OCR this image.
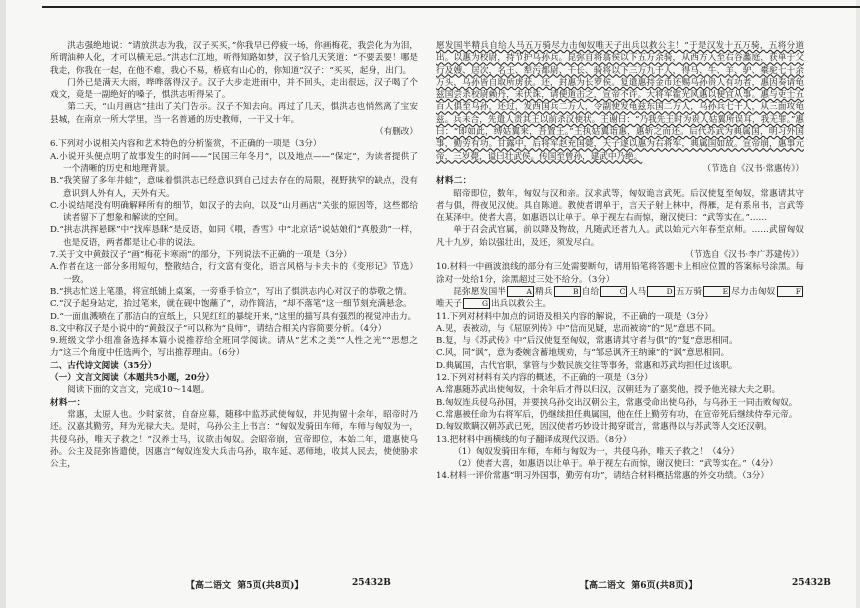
洪志强绝地说：“请放洪志为我，汉子买买，”你我早已停疲一场，你画梅花，我尝化为为泪，所谓油种人化，才可以横无忌。”洪志仁江地，听得知路如梦，汉子恰几天笑道：“不要丢要！哪是我走，你我在一起，在他不难，我心不易，桥底有山心的，你知道”汉子：“买买，起身，出门。

门外已是满天大雨，哗哗落得汉子。汉子大步走进雨中，并不回头，走出很远，汉子喝了个戏文，竟是一副绝好的嗓子，惧洪志听得呆了。

第二天，“山月画店”挂出了关门告示。汉子不知去向。再过了几天，惧洪志也悄然离了宝安县城，在南京一所大学里，当一名普通的历史教师，一干又十年。

（有删改）

6.下列对小说相关内容和艺术特色的分析鉴赏，不正确的一项是（3分）

A.小说开头便点明了故事发生的时间——“民国三年冬月”，以及地点——“保定”，为读者提供了一个清晰的历史和地理背景。

B.“我笑留了多年井蛙”，意味着惧洪志已经意识到自己过去存在的局限，视野狭窄的缺点，没有意识到人外有人，天外有天。

C.小说结尾没有明确解释所有的细节，如汉子的去向，以及“山月画店”关张的原因等，这些都给读者留下了想象和解读的空间。

D.“拱志洪挥悬眯”中“找库恳眯”是反语，如同《喂，香雪》中“北京话”说姑娘们“真般劲”一样，也是反语，两者都是让心非的说法。

7.关于文中黄鼓汉子“画“梅花卡寒雨”的部分，下列说法不正确的一项是（3分）

A.作者在这一部分多用短句，整散结合，行文富有变化，语言风格与卡夫卡的《变形记》节选）一致。

B.“拱志忙送上笔墨，将宣纸铺上桌案，一旁垂手恰立”，写出了惧洪志内心对汉子的恭敬之情。

C.“汉子起身站定，抬过笔来，就在砚中饱蘸了”，动作简洁，“却不落笔”这一细节刻充满悬念。

D.“一面血溅喷在了那洁白的宣纸上，只见红红的暴绽开来，”这里的描写具有强烈的视觉冲击力。

8.文中称汉子是小说中的“黄鼓汉子“可以称为“良师”，请结合相关内容简要分析。（4分）

9.班级文学小组准备选择本篇小说推荐给全班同学阅读。请从“艺术之美”“人性之光”“思想之力”这三个角度中任选两个，写出推荐理由。（6分）

二、古代诗文阅读（35分）

（一）文言文阅读（本题共5小题，20分）

阅读下面的文言文，完成10～14题。

材料一：

常惠，太原人也。少时家贫，自奋应募，随移中监苏武使匈奴，并见拘留十余年，昭帝时乃还。汉嘉其勤劳，拜为光禄大夫。是时，乌孙公主上书言：“匈奴发骑田车师，车师与匈奴为一，共侵乌孙，唯天子救之！”汉养士马，议欲击匈奴。会昭帝崩，宣帝即位，本始二年，遣惠使乌孙。公主及昆弥皆遣使，因惠言“匈奴连发大兵击乌孙，取车延、恶师地，收其人民去，使使胁求公主，

愿发国半精兵自给人马五万骑尽力击匈奴唯天子出兵以救公主！”于是汉发十五万骑，五将分道出。以惠为校尉，持节护乌孙兵。昆弥自将翕侯以下五万余骑，从西方入至右谷蠡庭，获单于父行及嫂、居次，名王、犁污都尉、千长、骑将以下三万九千人，得马、牛、羊、驴、橐驼七十余万头，乌孙皆自取所虏获。还，封惠为长罗侯。复遣惠持金币还赐乌孙贵人有功者，惠因奏请龟兹国尝杀校尉赖丹，未伏诛，请便道击之，宣帝不许。大将军霍光风惠以便宜从事。惠与吏士五百人俱至乌孙，还过，发西国兵二万人，令副使发龟兹东国二万人，乌孙兵七千人，从三面攻龟兹。兵未合，先遣人责其王以前杀汉使状。王谢曰：“乃我先王时为贵人姑翼所误耳，我无罪。”惠曰：“即如此，缚姑翼来，吾置王。”王执姑翼诣惠，惠斩之而还。后代苏武为典属国，明习外国事，勤劳有功。甘露中，后将军赵充国薨，天子遂以惠为右将军，典属国如故。宣帝崩，惠事元帝，三岁薨，谥曰壮武侯。传国至曾孙，建武中乃绝。

（节选自《汉书·常惠传》）

材料二：

昭帝即位，数年，匈奴与汉和亲。汉求武等，匈奴诡言武死。后汉使复至匈奴，常惠请其守者与俱，得夜见汉使。具自陈道。教使者谓单于，言天子射上林中，得雁，足有系帛书，言武等在某泽中。使者大喜，如惠语以让单于。单于视左右而惊，谢汉使曰：“武等实在。”……

单于召会武官属，前以降及物故，凡随武还者九人。武以始元六年春至京师。……武留匈奴凡十九岁，始以强壮出，及还，须发尽白。

（节选自《汉书·李广苏建传》）

10.材料一中画波浪线的部分有三处需要断句，请用铅笔将答题卡上相应位置的答案标号涂黑。每涂对一处给1分，涂黑超过三处不给分。（3分）

昆弥愿发国半	A 精兵	B 自给	C 人马	D 五万骑	E 尽力击匈奴	F唯天子	G 出兵以救公主。

11.下列对材料中加点的词语及相关内容的解说，不正确的一项是（3分）

A.见，表被动，与《屈原列传》中“信而见疑，忠而被谤”的“见”意思不同。

B.复，与《苏武传》中“后汉使复至匈奴，常惠请其守者与俱”的“复”意思相同。

C.风，同“讽”，意为委婉含蓄地规劝，与“邹忌讽齐王纳谏”的“讽”意思相同。

D.典属国，古代官职，掌管与少数民族交往等事务，常惠和苏武均担任过该职。

12.下列对材料有关内容的概述，不正确的一项是（3分）

A.常惠随苏武出使匈奴，十余年后才得以归汉，汉朝廷为了嘉奖他，授予他光禄大夫之职。

B.匈奴连兵侵乌孙国，并要挟乌孙交出汉朝公主，常惠受命出使乌孙，与乌孙王一同击败匈奴。

C.常惠被任命为右将军后，仍继续担任典属国，他在任上勤劳有功，在宣帝死后继续侍奉元帝。

D.匈奴欺瞒汉朝苏武已死，因汉使者巧妙设计揭穿谎言，常惠得以与苏武等人交还汉朝。

13.把材料中画横线的句子翻译成现代汉语。（8分）

（1）匈奴发骑田车师，车师与匈奴为一，共侵乌孙，唯天子救之！（4分）

（2）使者大喜，如惠语以让单于。单于视左右而惊，谢汉使曰：“武等实在。”（4分）

14.材料一评价常惠“明习外国事，勤劳有功”，请结合材料概括常惠的外交功绩。（3分）

【高二语文 第5页(共8页)】	25432B	【高二语文 第6页(共8页)】	25432B
